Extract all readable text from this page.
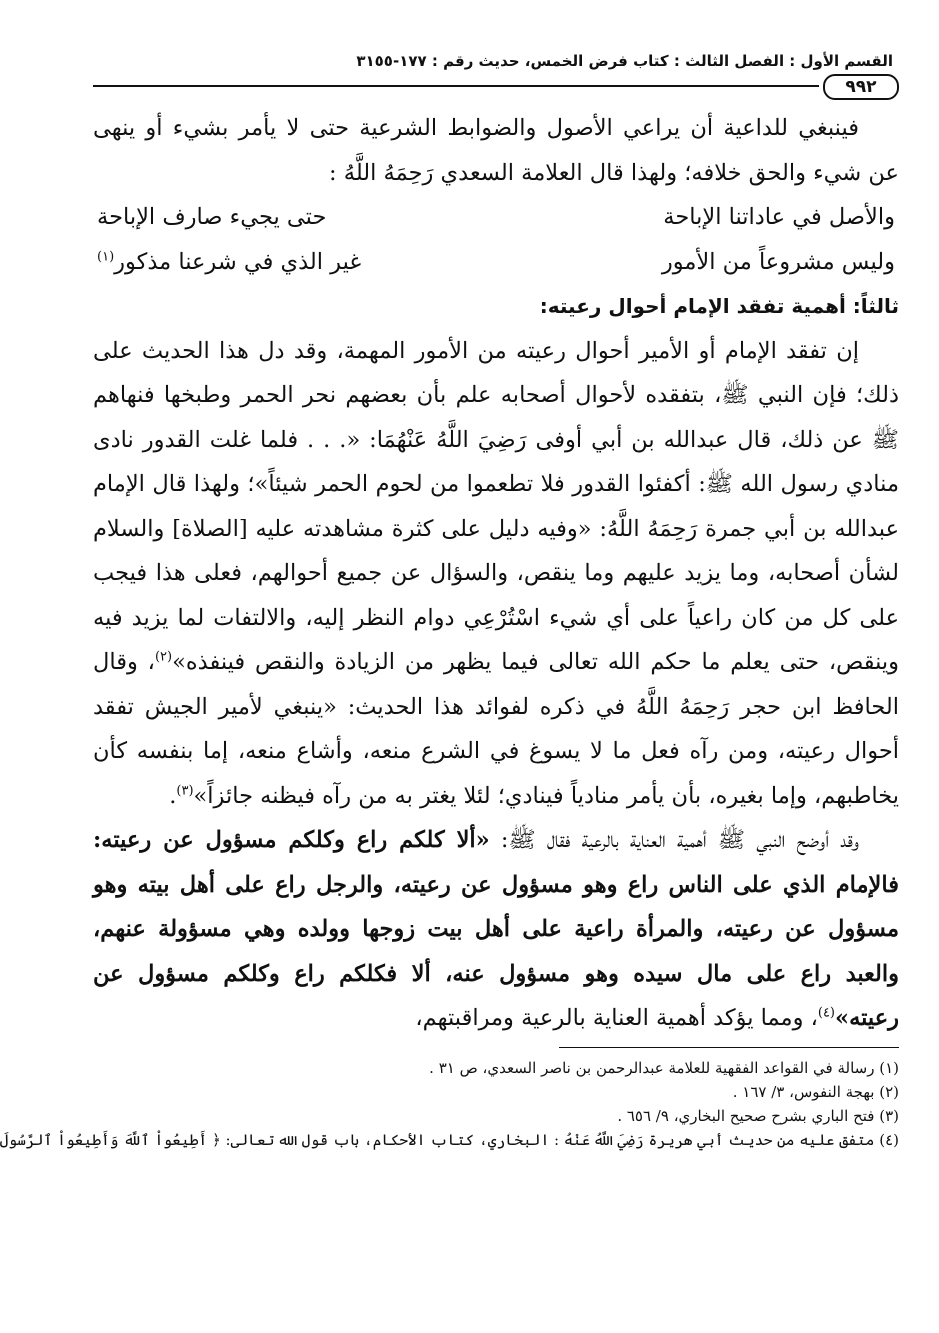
القسم الأول : الفصل الثالث : كتاب فرض الخمس، حديث رقم : ١٧٧-٣١٥٥
٩٩٢

فينبغي للداعية أن يراعي الأصول والضوابط الشرعية حتى لا يأمر بشيء أو ينهى عن شيء والحق خلافه؛ ولهذا قال العلامة السعدي رَحِمَهُ اللَّهُ :

والأصل في عاداتنا الإباحة
حتى يجيء صارف الإباحة
وليس مشروعاً من الأمور
غير الذي في شرعنا مذكور$^{(١)}$
ثالثاً: أهمية تفقد الإمام أحوال رعيته:

إن تفقد الإمام أو الأمير أحوال رعيته من الأمور المهمة، وقد دل هذا الحديث على ذلك؛ فإن النبي ﷺ، بتفقده لأحوال أصحابه علم بأن بعضهم نحر الحمر وطبخها فنهاهم ﷺ عن ذلك، قال عبدالله بن أبي أوفى رَضِيَ اللَّهُ عَنْهُمَا: «. . . فلما غلت القدور نادى منادي رسول الله ﷺ: أكفئوا القدور فلا تطعموا من لحوم الحمر شيئاً»؛ ولهذا قال الإمام عبدالله بن أبي جمرة رَحِمَهُ اللَّهُ: «وفيه دليل على كثرة مشاهدته عليه [الصلاة] والسلام لشأن أصحابه، وما يزيد عليهم وما ينقص، والسؤال عن جميع أحوالهم، فعلى هذا فيجب على كل من كان راعياً على أي شيء اسْتُرْعِي دوام النظر إليه، والالتفات لما يزيد فيه وينقص، حتى يعلم ما حكم الله تعالى فيما يظهر من الزيادة والنقص فينفذه»$^{(٢)}$، وقال الحافظ ابن حجر رَحِمَهُ اللَّهُ في ذكره لفوائد هذا الحديث: «ينبغي لأمير الجيش تفقد أحوال رعيته، ومن رآه فعل ما لا يسوغ في الشرع منعه، وأشاع منعه، إما بنفسه كأن يخاطبهم، وإما بغيره، بأن يأمر منادياً فينادي؛ لئلا يغتر به من رآه فيظنه جائزاً»$^{(٣)}$.

وقد أوضح النبي ﷺ أهمية العناية بالرعية فقال ﷺ: «ألا كلكم راع وكلكم مسؤول عن رعيته: فالإمام الذي على الناس راع وهو مسؤول عن رعيته، والرجل راع على أهل بيته وهو مسؤول عن رعيته، والمرأة راعية على أهل بيت زوجها وولده وهي مسؤولة عنهم، والعبد راع على مال سيده وهو مسؤول عنه، ألا فكلكم راع وكلكم مسؤول عن رعيته»$^{(٤)}$، ومما يؤكد أهمية العناية بالرعية ومراقبتهم،

(١) رسالة في القواعد الفقهية للعلامة عبدالرحمن بن ناصر السعدي، ص ٣١ .

(٢) بهجة النفوس، ٣/ ١٦٧ .

(٣) فتح الباري بشرح صحيح البخاري، ٩/ ٦٥٦ .

(٤) متفق عليه من حديث أبي هريرة رَضِيَ اللَّهُ عَنْهُ : البخاري، كتاب الأحكام، باب قول الله تعالى: ﴿ أَطِيعُواْ ٱللَّهَ وَأَطِيعُواْ ٱلرَّسُولَ
